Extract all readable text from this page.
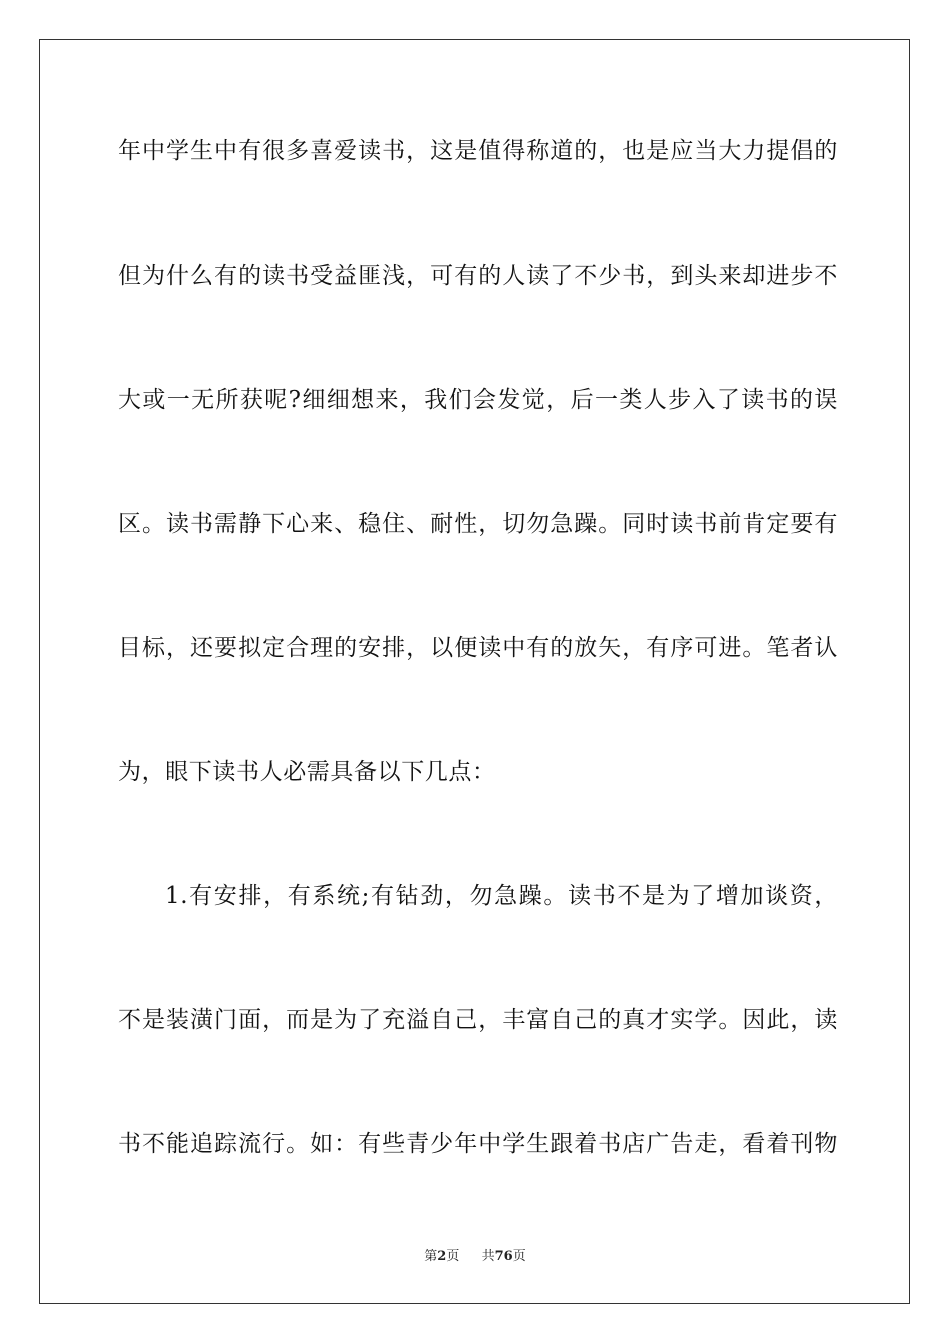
年中学生中有很多喜爱读书，这是值得称道的，也是应当大力提倡的
但为什么有的读书受益匪浅，可有的人读了不少书，到头来却进步不
大或一无所获呢?细细想来，我们会发觉，后一类人步入了读书的误
区。读书需静下心来、稳住、耐性，切勿急躁。同时读书前肯定要有
目标，还要拟定合理的安排，以便读中有的放矢，有序可进。笔者认
为，眼下读书人必需具备以下几点：
1.有安排，有系统;有钻劲，勿急躁。读书不是为了增加谈资，
不是装潢门面，而是为了充溢自己，丰富自己的真才实学。因此，读
书不能追踪流行。如：有些青少年中学生跟着书店广告走，看着刊物
第2页 共76页
